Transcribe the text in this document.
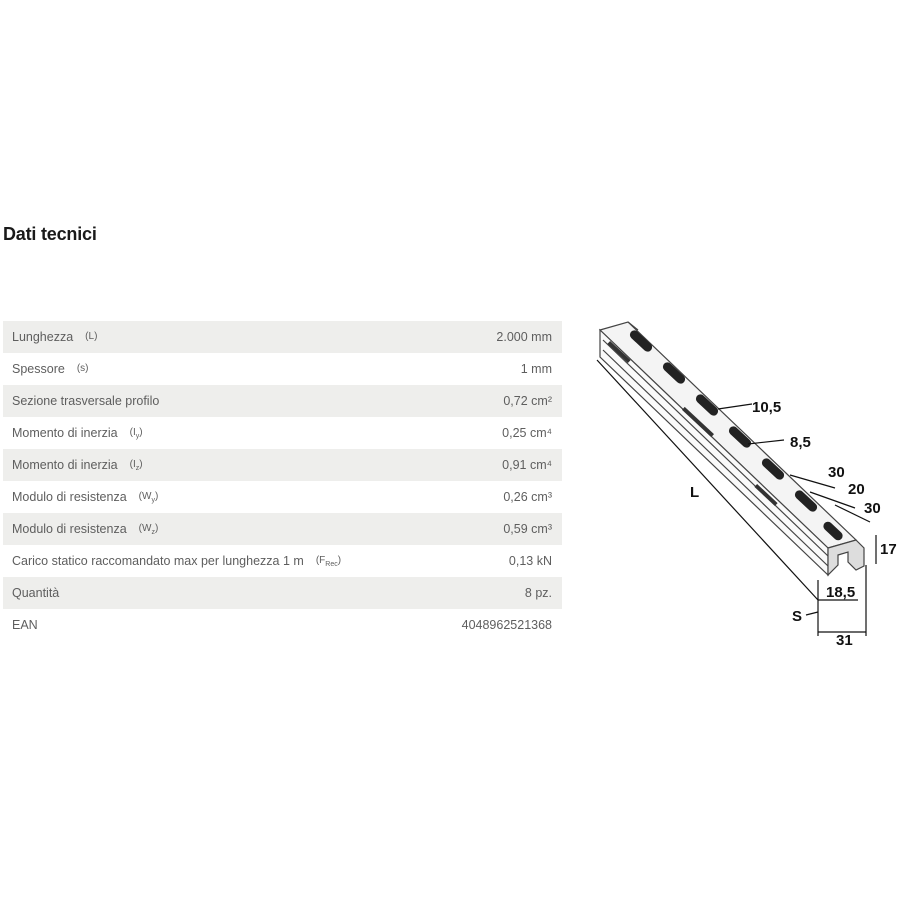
Dati tecnici
Lunghezza (L)	2.000 mm
Spessore (s)	1 mm
Sezione trasversale profilo	0,72 cm²
Momento di inerzia $(I_y)$	0,25 cm⁴
Momento di inerzia $(I_z)$	0,91 cm⁴
Modulo di resistenza $(W_y)$	0,26 cm³
Modulo di resistenza $(W_z)$	0,59 cm³
Carico statico raccomandato max per lunghezza 1 m $(F_{Rec})$	0,13 kN
Quantità	8 pz.
EAN	4048962521368
10,5
8,5
30
20
30
17
18,5
31
S
L
